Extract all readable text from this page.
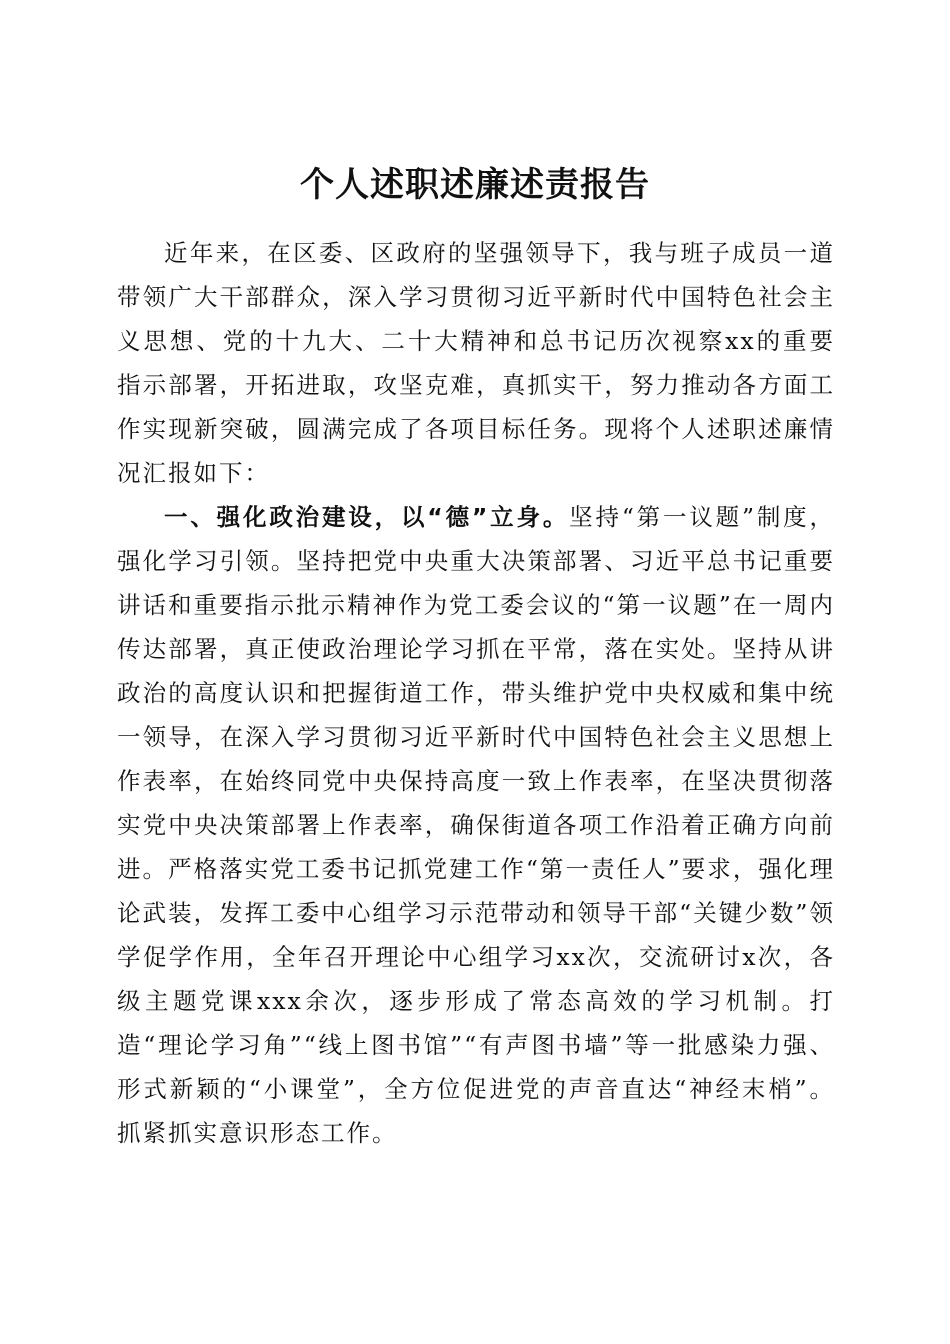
个人述职述廉述责报告

近年来，在区委、区政府的坚强领导下，我与班子成员一道带领广大干部群众，深入学习贯彻习近平新时代中国特色社会主义思想、党的十九大、二十大精神和总书记历次视察xx的重要指示部署，开拓进取，攻坚克难，真抓实干，努力推动各方面工作实现新突破，圆满完成了各项目标任务。现将个人述职述廉情况汇报如下：

一、强化政治建设，以“德”立身。坚持“第一议题”制度，强化学习引领。坚持把党中央重大决策部署、习近平总书记重要讲话和重要指示批示精神作为党工委会议的“第一议题”在一周内传达部署，真正使政治理论学习抓在平常，落在实处。坚持从讲政治的高度认识和把握街道工作，带头维护党中央权威和集中统一领导，在深入学习贯彻习近平新时代中国特色社会主义思想上作表率，在始终同党中央保持高度一致上作表率，在坚决贯彻落实党中央决策部署上作表率，确保街道各项工作沿着正确方向前进。严格落实党工委书记抓党建工作“第一责任人”要求，强化理论武装，发挥工委中心组学习示范带动和领导干部“关键少数”领学促学作用，全年召开理论中心组学习xx次，交流研讨x次，各级主题党课xxx余次，逐步形成了常态高效的学习机制。打造“理论学习角”“线上图书馆”“有声图书墙”等一批感染力强、形式新颖的“小课堂”，全方位促进党的声音直达“神经末梢”。抓紧抓实意识形态工作。
